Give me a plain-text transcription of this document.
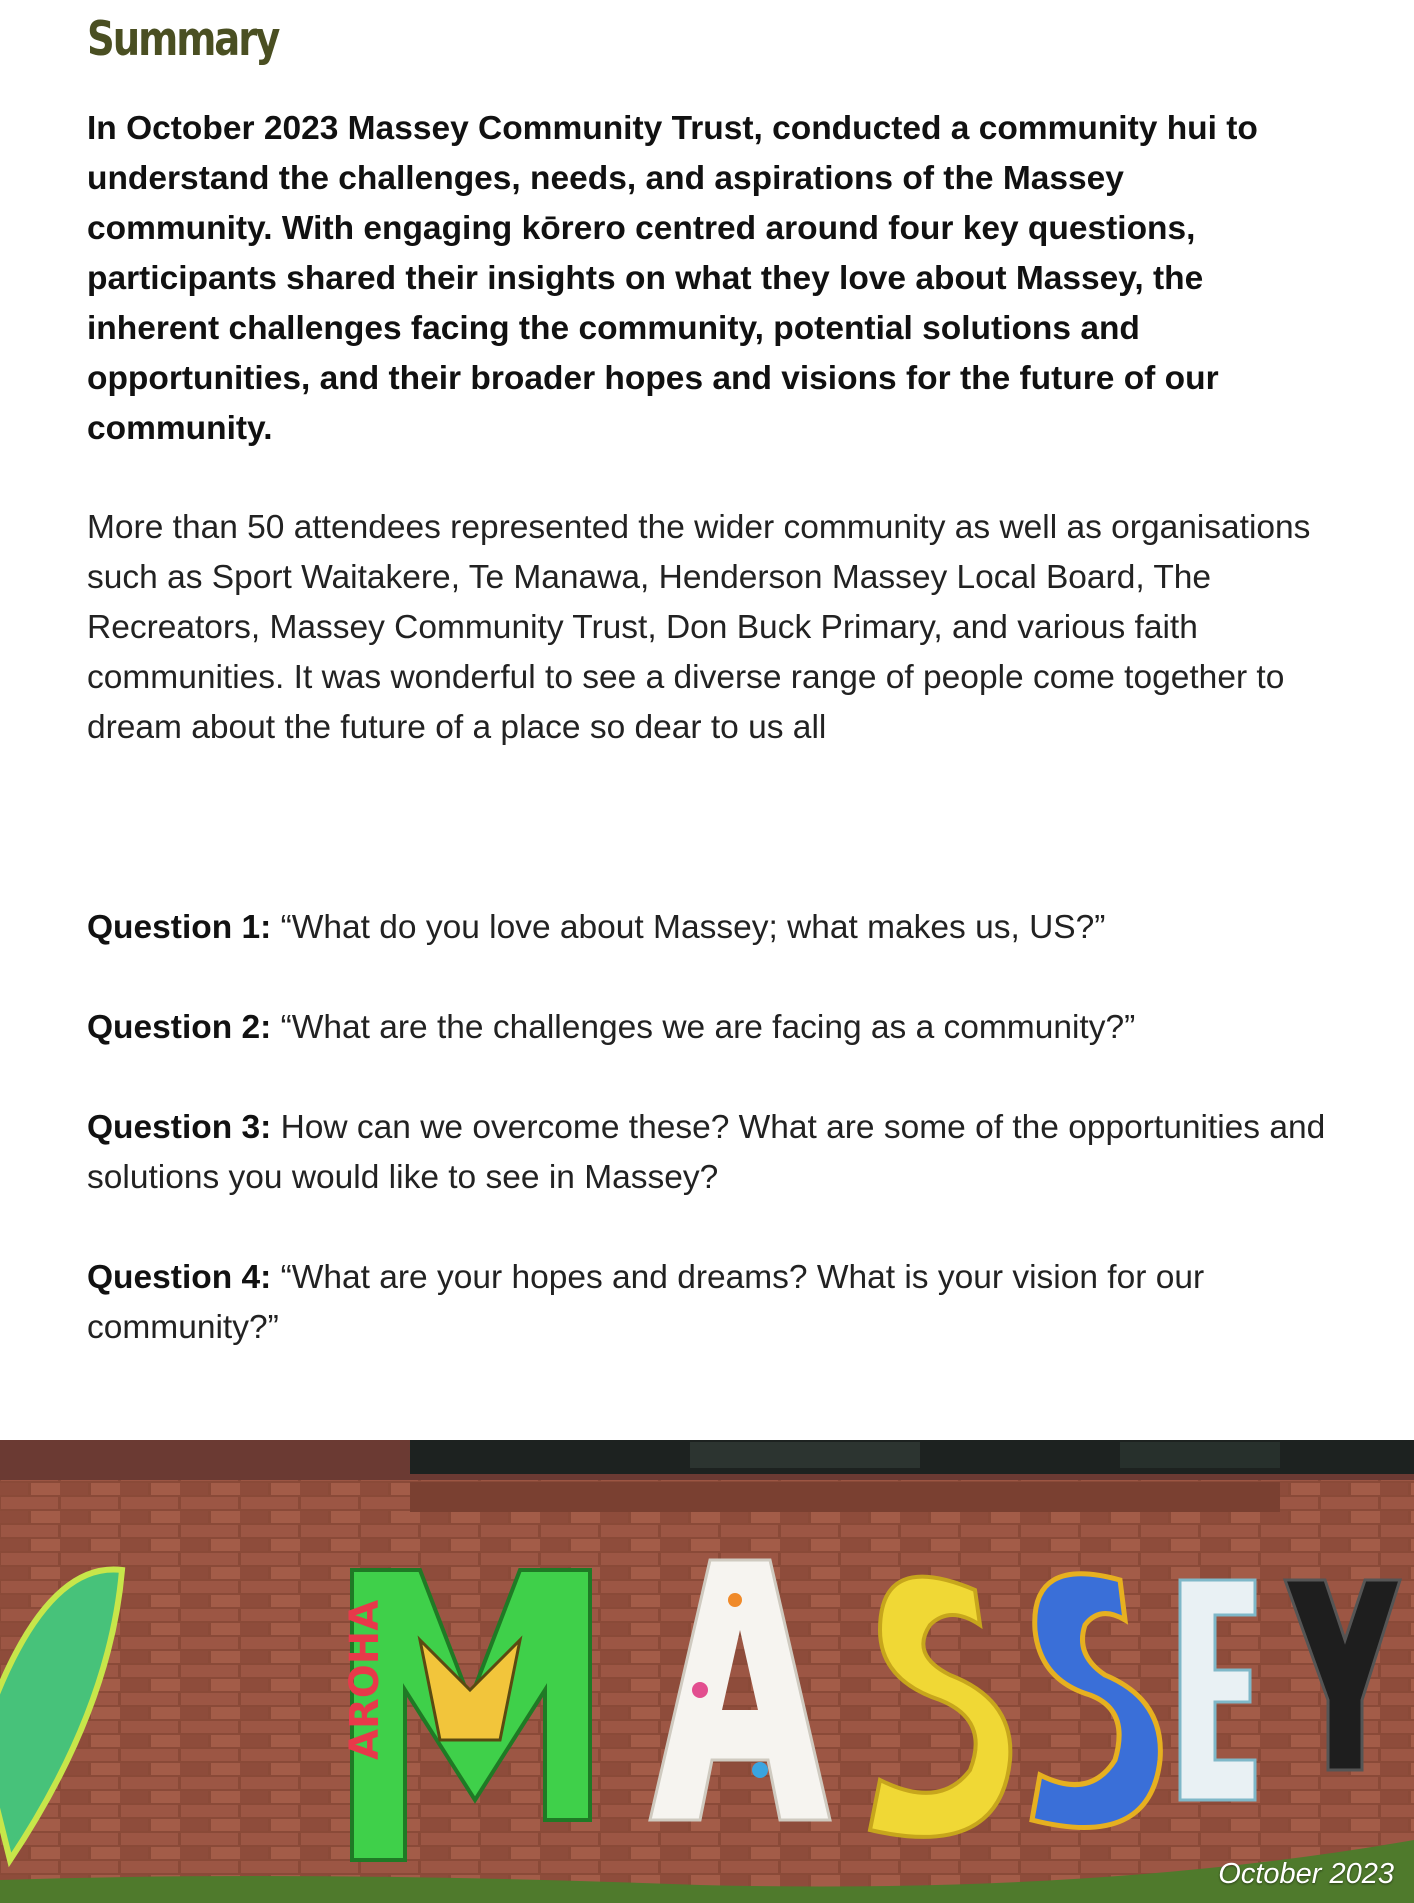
Summary

In October 2023 Massey Community Trust, conducted a community hui to understand the challenges, needs, and aspirations of the Massey community. With engaging kōrero centred around four key questions, participants shared their insights on what they love about Massey, the inherent challenges facing the community, potential solutions and opportunities, and their broader hopes and visions for the future of our community.

More than 50 attendees represented the wider community as well as organisations such as Sport Waitakere, Te Manawa, Henderson Massey Local Board, The Recreators, Massey Community Trust, Don Buck Primary, and various faith communities. It was wonderful to see a diverse range of people come together to dream about the future of a place so dear to us all

Question 1: “What do you love about Massey; what makes us, US?”

Question 2: “What are the challenges we are facing as a community?”

Question 3: How can we overcome these? What are some of the opportunities and solutions you would like to see in Massey?

Question 4: “What are your hopes and dreams? What is your vision for our community?”

AROHA
October 2023
